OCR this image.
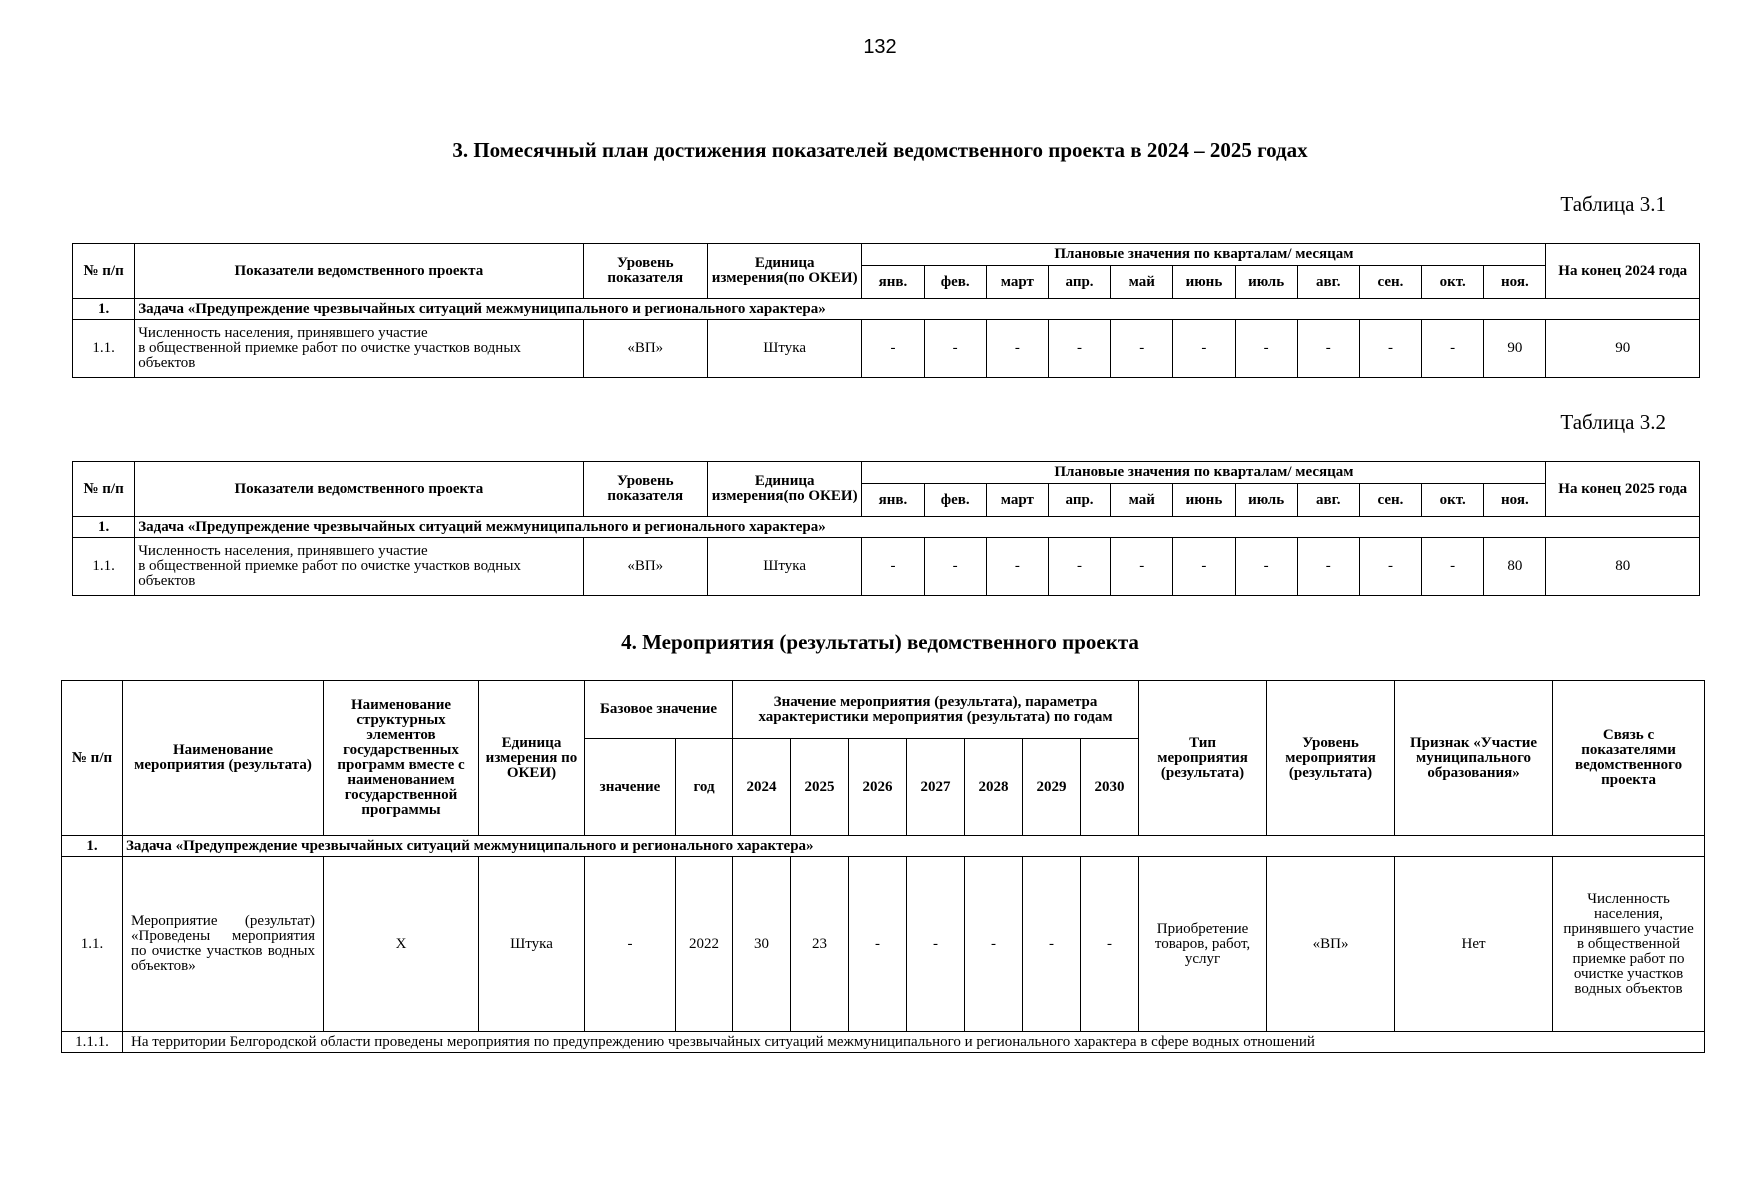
132
3. Помесячный план достижения показателей ведомственного проекта в 2024 – 2025 годах
Таблица 3.1
№ п/п	Показатели ведомственного проекта	Уровень показателя	Единица измерения(по ОКЕИ)	Плановые значения по кварталам/ месяцам											На конец 2024 года
				янв.	фев.	март	апр.	май	июнь	июль	авг.	сен.	окт.	ноя.	
1.	Задача «Предупреждение чрезвычайных ситуаций межмуниципального и регионального характера»														
1.1.	Численность населения, принявшего участие
в общественной приемке работ по очистке участков водных
объектов	«ВП»	Штука	-	-	-	-	-	-	-	-	-	-	90	90
Таблица 3.2
№ п/п	Показатели ведомственного проекта	Уровень показателя	Единица измерения(по ОКЕИ)	Плановые значения по кварталам/ месяцам											На конец 2025 года
				янв.	фев.	март	апр.	май	июнь	июль	авг.	сен.	окт.	ноя.	
1.	Задача «Предупреждение чрезвычайных ситуаций межмуниципального и регионального характера»														
1.1.	Численность населения, принявшего участие
в общественной приемке работ по очистке участков водных
объектов	«ВП»	Штука	-	-	-	-	-	-	-	-	-	-	80	80
4. Мероприятия (результаты) ведомственного проекта
№ п/п	Наименование мероприятия (результата)	Наименование структурных элементов государственных программ вместе с наименованием государственной программы	Единица измерения по ОКЕИ)	Базовое значение		Значение мероприятия (результата), параметра характеристики мероприятия (результата) по годам							Тип мероприятия (результата)	Уровень мероприятия (результата)	Признак «Участие муниципального образования»	Связь с показателями ведомственного проекта
				значение	год	2024	2025	2026	2027	2028	2029	2030				
1.	Задача «Предупреждение чрезвычайных ситуаций межмуниципального и регионального характера»															
1.1.	Мероприятие (результат) «Проведены мероприятия по очистке участков водных объектов»	X	Штука	-	2022	30	23	-	-	-	-	-	Приобретение товаров, работ, услуг	«ВП»	Нет	Численность населения, принявшего участие в общественной приемке работ по очистке участков водных объектов
1.1.1.	На территории Белгородской области проведены мероприятия по предупреждению чрезвычайных ситуаций межмуниципального и регионального характера в сфере водных отношений															
